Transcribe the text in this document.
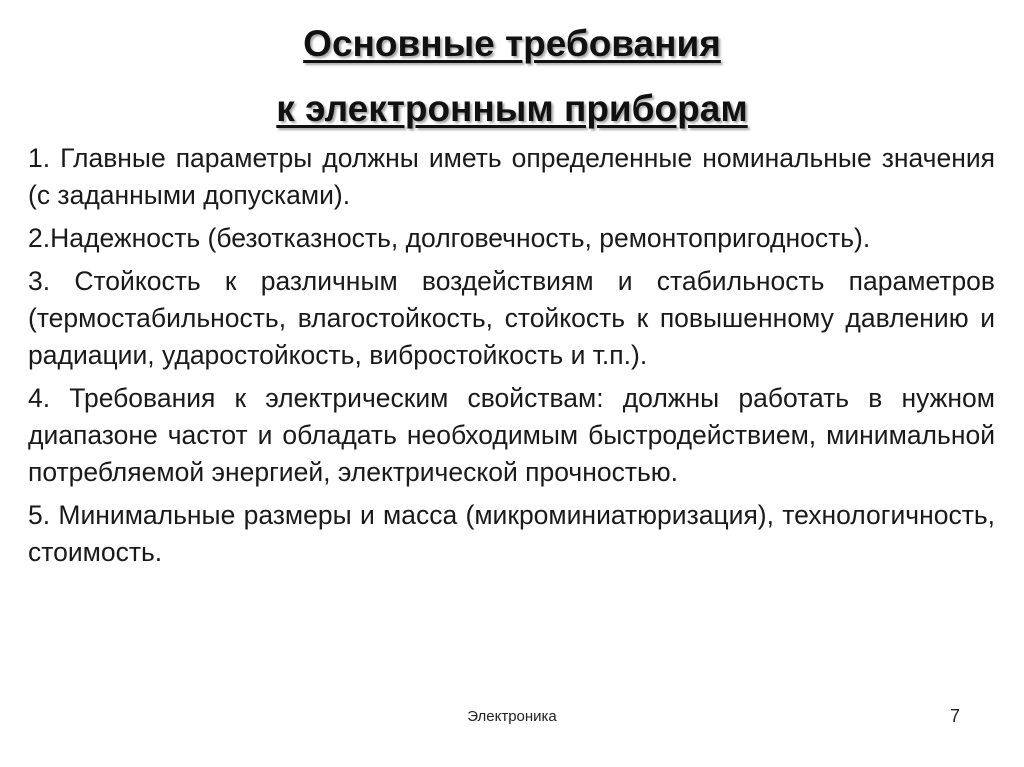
Основные требования
к электронным приборам

1. Главные параметры должны иметь определенные номинальные значения (с заданными допусками).

2.Надежность (безотказность, долговечность, ремонтопригодность).

3. Стойкость к различным воздействиям и стабильность параметров (термостабильность, влагостойкость, стойкость к повышенному давлению и радиации, ударостойкость, вибростойкость и т.п.).

4. Требования к электрическим свойствам: должны работать в нужном диапазоне частот и обладать необходимым быстродействием, минимальной потребляемой энергией, электрической прочностью.

5. Минимальные размеры и масса (микроминиатюризация), технологичность, стоимость.

Электроника	7
